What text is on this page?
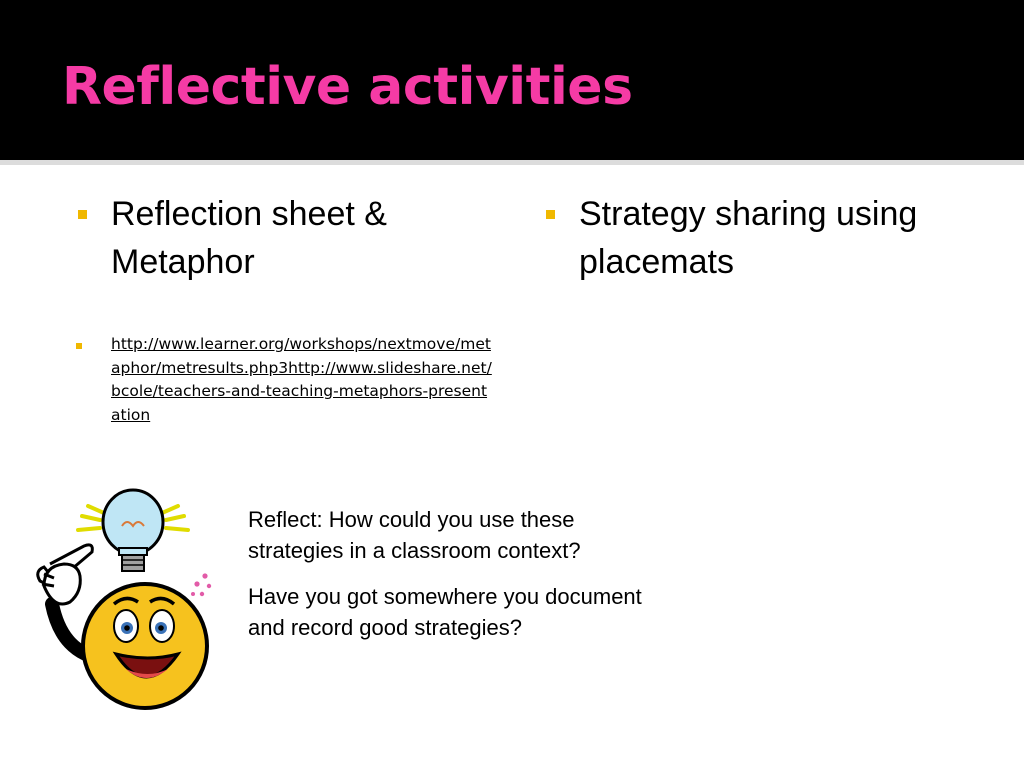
Reflective activities

Reflection sheet & Metaphor

http://www.learner.org/workshops/nextmove/metaphor/metresults.php3http://www.slideshare.net/bcole/teachers-and-teaching-metaphors-presentation

Strategy sharing using placemats

Reflect: How could you use these strategies in a classroom context?

Have you got somewhere you document and record good strategies?
